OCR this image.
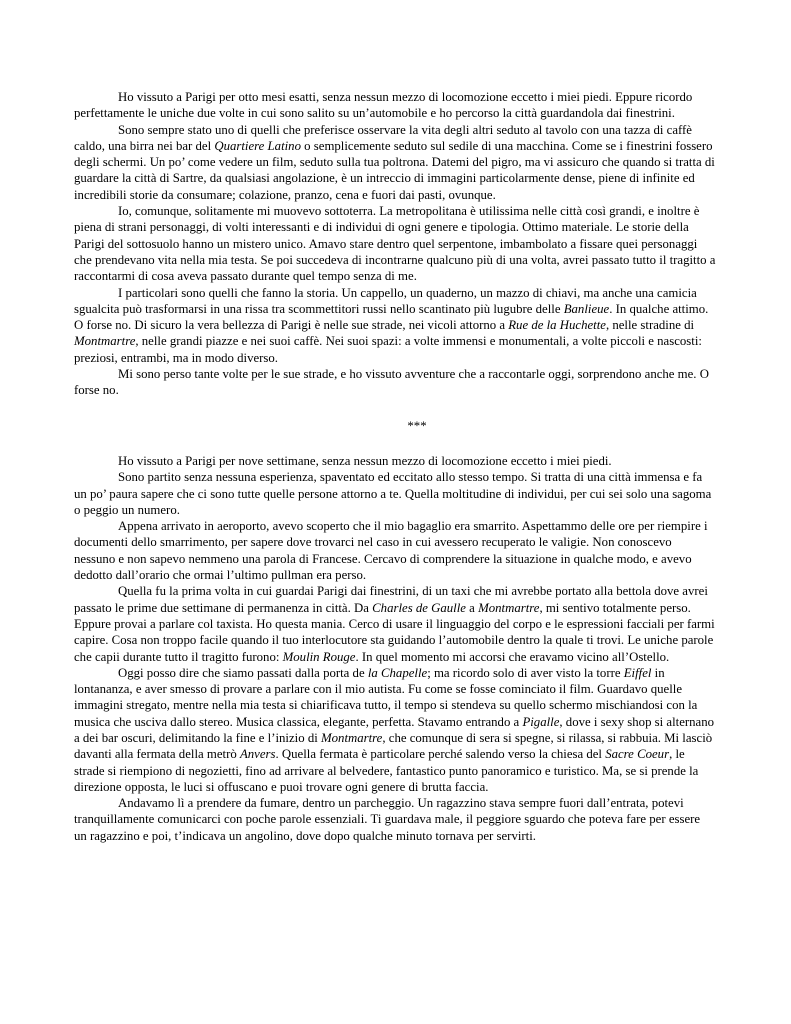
Ho vissuto a Parigi per otto mesi esatti, senza nessun mezzo di locomozione eccetto i miei piedi. Eppure ricordo perfettamente le uniche due volte in cui sono salito su un’automobile e ho percorso la città guardandola dai finestrini.

Sono sempre stato uno di quelli che preferisce osservare la vita degli altri seduto al tavolo con una tazza di caffè caldo, una birra nei bar del Quartiere Latino o semplicemente seduto sul sedile di una macchina. Come se i finestrini fossero degli schermi. Un po’ come vedere un film, seduto sulla tua poltrona. Datemi del pigro, ma vi assicuro che quando si tratta di guardare la città di Sartre, da qualsiasi angolazione, è un intreccio di immagini particolarmente dense, piene di infinite ed incredibili storie da consumare; colazione, pranzo, cena e fuori dai pasti, ovunque.

Io, comunque, solitamente mi muovevo sottoterra. La metropolitana è utilissima nelle città così grandi, e inoltre è piena di strani personaggi, di volti interessanti e di individui di ogni genere e tipologia. Ottimo materiale. Le storie della Parigi del sottosuolo hanno un mistero unico. Amavo stare dentro quel serpentone, imbambolato a fissare quei personaggi che prendevano vita nella mia testa. Se poi succedeva di incontrarne qualcuno più di una volta, avrei passato tutto il tragitto a raccontarmi di cosa aveva passato durante quel tempo senza di me.

I particolari sono quelli che fanno la storia. Un cappello, un quaderno, un mazzo di chiavi, ma anche una camicia sgualcita può trasformarsi in una rissa tra scommettitori russi nello scantinato più lugubre delle Banlieue. In qualche attimo. O forse no. Di sicuro la vera bellezza di Parigi è nelle sue strade, nei vicoli attorno a Rue de la Huchette, nelle stradine di Montmartre, nelle grandi piazze e nei suoi caffè. Nei suoi spazi: a volte immensi e monumentali, a volte piccoli e nascosti: preziosi, entrambi, ma in modo diverso.

Mi sono perso tante volte per le sue strade, e ho vissuto avventure che a raccontarle oggi, sorprendono anche me. O forse no.

***

Ho vissuto a Parigi per nove settimane, senza nessun mezzo di locomozione eccetto i miei piedi.

Sono partito senza nessuna esperienza, spaventato ed eccitato allo stesso tempo. Si tratta di una città immensa e fa un po’ paura sapere che ci sono tutte quelle persone attorno a te. Quella moltitudine di individui, per cui sei solo una sagoma o peggio un numero.

Appena arrivato in aeroporto, avevo scoperto che il mio bagaglio era smarrito. Aspettammo delle ore per riempire i documenti dello smarrimento, per sapere dove trovarci nel caso in cui avessero recuperato le valigie. Non conoscevo nessuno e non sapevo nemmeno una parola di Francese. Cercavo di comprendere la situazione in qualche modo, e avevo dedotto dall’orario che ormai l’ultimo pullman era perso.

Quella fu la prima volta in cui guardai Parigi dai finestrini, di un taxi che mi avrebbe portato alla bettola dove avrei passato le prime due settimane di permanenza in città. Da Charles de Gaulle a Montmartre, mi sentivo totalmente perso. Eppure provai a parlare col taxista. Ho questa mania. Cerco di usare il linguaggio del corpo e le espressioni facciali per farmi capire. Cosa non troppo facile quando il tuo interlocutore sta guidando l’automobile dentro la quale ti trovi. Le uniche parole che capii durante tutto il tragitto furono: Moulin Rouge. In quel momento mi accorsi che eravamo vicino all’Ostello.

Oggi posso dire che siamo passati dalla porta de la Chapelle; ma ricordo solo di aver visto la torre Eiffel in lontananza, e aver smesso di provare a parlare con il mio autista. Fu come se fosse cominciato il film. Guardavo quelle immagini stregato, mentre nella mia testa si chiarificava tutto, il tempo si stendeva su quello schermo mischiandosi con la musica che usciva dallo stereo. Musica classica, elegante, perfetta. Stavamo entrando a Pigalle, dove i sexy shop si alternano a dei bar oscuri, delimitando la fine e l’inizio di Montmartre, che comunque di sera si spegne, si rilassa, si rabbuia. Mi lasciò davanti alla fermata della metrò Anvers. Quella fermata è particolare perché salendo verso la chiesa del Sacre Coeur, le strade si riempiono di negozietti, fino ad arrivare al belvedere, fantastico punto panoramico e turistico. Ma, se si prende la direzione opposta, le luci si offuscano e puoi trovare ogni genere di brutta faccia.

Andavamo lì a prendere da fumare, dentro un parcheggio. Un ragazzino stava sempre fuori dall’entrata, potevi tranquillamente comunicarci con poche parole essenziali. Ti guardava male, il peggiore sguardo che poteva fare per essere un ragazzino e poi, t’indicava un angolino, dove dopo qualche minuto tornava per servirti.
